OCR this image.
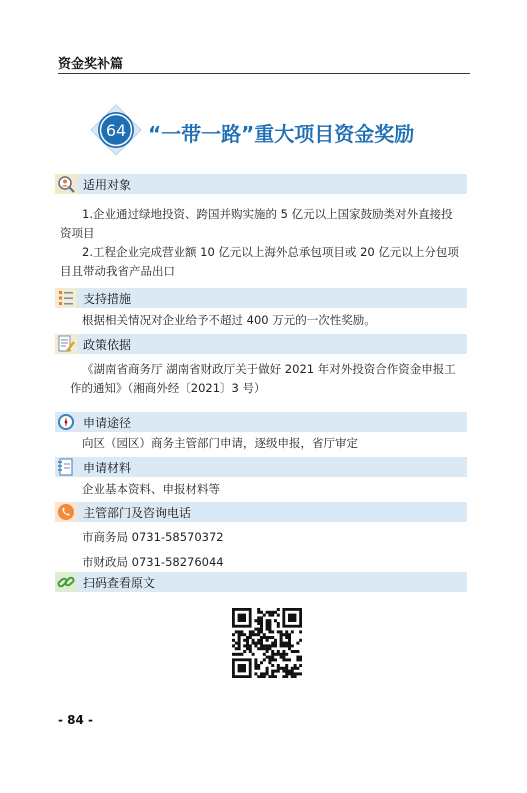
资金奖补篇
64 “一带一路”重大项目资金奖励
适用对象
1.企业通过绿地投资、跨国并购实施的 5 亿元以上国家鼓励类对外直接投
资项目
2.工程企业完成营业额 10 亿元以上海外总承包项目或 20 亿元以上分包项
目且带动我省产品出口
支持措施
根据相关情况对企业给予不超过 400 万元的一次性奖励。
政策依据
《湖南省商务厅 湖南省财政厅关于做好 2021 年对外投资合作资金申报工
作的通知》（湘商外经〔2021〕3 号）
申请途径
向区（园区）商务主管部门申请，逐级申报，省厅审定
申请材料
企业基本资料、申报材料等
主管部门及咨询电话
市商务局 0731-58570372
市财政局 0731-58276044
扫码查看原文
- 84 -
